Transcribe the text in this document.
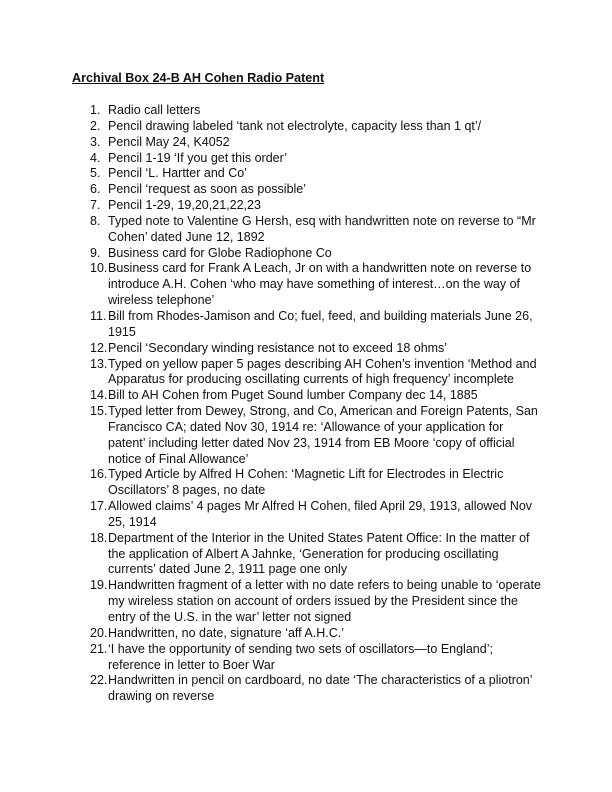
Archival Box 24-B AH Cohen Radio Patent
1. Radio call letters
2. Pencil drawing labeled ‘tank not electrolyte, capacity less than 1 qt’/
3. Pencil May 24, K4052
4. Pencil 1-19 ‘If you get this order’
5. Pencil ‘L. Hartter and Co’
6. Pencil ‘request as soon as possible’
7. Pencil 1-29, 19,20,21,22,23
8. Typed note to Valentine G Hersh, esq with handwritten note on reverse to “Mr Cohen’ dated June 12, 1892
9. Business card for Globe Radiophone Co
10. Business card for Frank A Leach, Jr on with a handwritten note on reverse to introduce A.H. Cohen ‘who may have something of interest…on the way of wireless telephone’
11. Bill from Rhodes-Jamison and Co; fuel, feed, and building materials June 26, 1915
12. Pencil ‘Secondary winding resistance not to exceed 18 ohms’
13. Typed on yellow paper 5 pages describing AH Cohen’s invention ‘Method and Apparatus for producing oscillating currents of high frequency’ incomplete
14. Bill to AH Cohen from Puget Sound lumber Company dec 14, 1885
15. Typed letter from Dewey, Strong, and Co, American and Foreign Patents, San Francisco CA; dated Nov 30, 1914 re: ‘Allowance of your application for patent’ including letter dated Nov 23, 1914 from EB Moore ‘copy of official notice of Final Allowance’
16. Typed Article by Alfred H Cohen: ‘Magnetic Lift for Electrodes in Electric Oscillators’ 8 pages, no date
17. Allowed claims’ 4 pages Mr Alfred H Cohen, filed April 29, 1913, allowed Nov 25, 1914
18. Department of the Interior in the United States Patent Office: In the matter of the application of Albert A Jahnke, ‘Generation for producing oscillating currents’ dated June 2, 1911 page one only
19. Handwritten fragment of a letter with no date refers to being unable to ‘operate my wireless station on account of orders issued by the President since the entry of the U.S. in the war’ letter not signed
20. Handwritten, no date, signature ‘aff A.H.C.’
21. ‘I have the opportunity of sending two sets of oscillators—to England’; reference in letter to Boer War
22. Handwritten in pencil on cardboard, no date ‘The characteristics of a pliotron’ drawing on reverse
